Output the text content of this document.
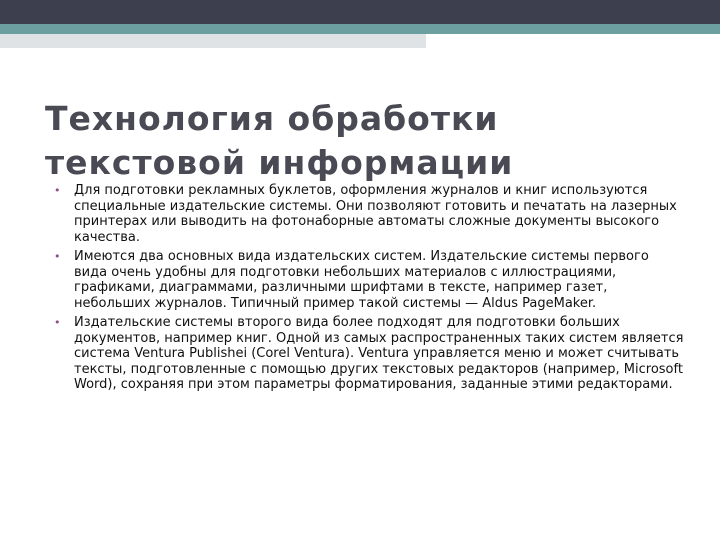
Технология обработки
текстовой информации
• Для подготовки рекламных буклетов, оформления журналов и книг используются специальные издательские системы. Они позволяют готовить и печатать на лазерных принтерах или выводить на фотонаборные автоматы сложные документы высокого качества.
• Имеются два основных вида издательских систем. Издательские системы первого вида очень удобны для подготовки небольших материалов с иллюстрациями, графиками, диаграммами, различными шрифтами в тексте, например газет, небольших журналов. Типичный пример такой системы — Aldus PageMaker.
• Издательские системы второго вида более подходят для подготовки больших документов, например книг. Одной из самых распространенных таких систем является система Ventura Publishei (Corel Ventura). Ventura управляется меню и может считывать тексты, подготовленные с помощью других текстовых редакторов (например, Microsoft Word), сохраняя при этом параметры форматирования, заданные этими редакторами.
